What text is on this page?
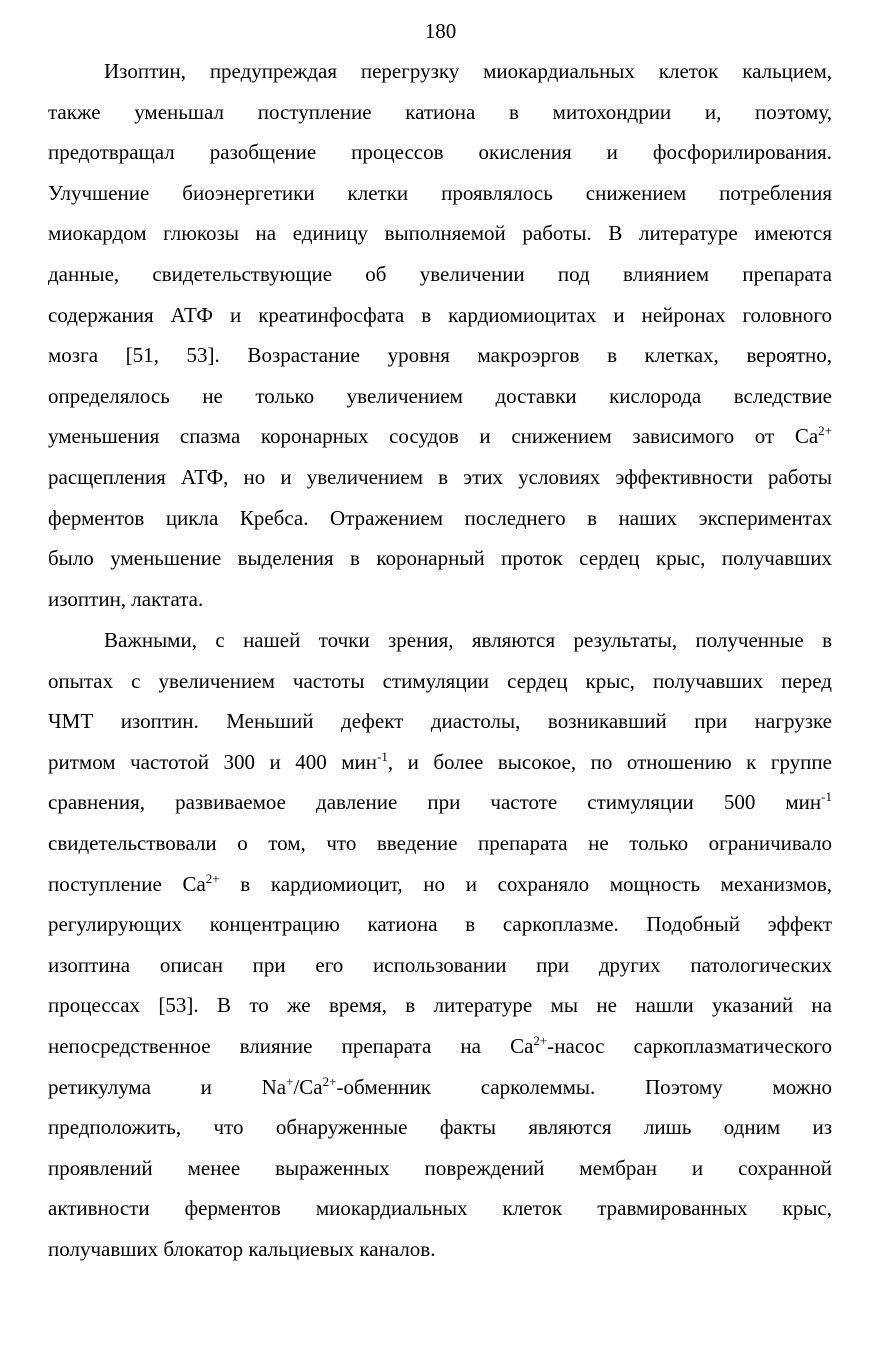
180
Изоптин, предупреждая перегрузку миокардиальных клеток кальцием,
также уменьшал поступление катиона в митохондрии и, поэтому,
предотвращал разобщение процессов окисления и фосфорилирования.
Улучшение биоэнергетики клетки проявлялось снижением потребления
миокардом глюкозы на единицу выполняемой работы. В литературе имеются
данные, свидетельствующие об увеличении под влиянием препарата
содержания АТФ и креатинфосфата в кардиомиоцитах и нейронах головного
мозга [51, 53]. Возрастание уровня макроэргов в клетках, вероятно,
определялось не только увеличением доставки кислорода вследствие
уменьшения спазма коронарных сосудов и снижением зависимого от $Ca^{2+}$
расщепления АТФ, но и увеличением в этих условиях эффективности работы
ферментов цикла Кребса. Отражением последнего в наших экспериментах
было уменьшение выделения в коронарный проток сердец крыс, получавших
изоптин, лактата.
Важными, с нашей точки зрения, являются результаты, полученные в
опытах с увеличением частоты стимуляции сердец крыс, получавших перед
ЧМТ изоптин. Меньший дефект диастолы, возникавший при нагрузке
ритмом частотой 300 и 400 мин$^{-1}$, и более высокое, по отношению к группе
сравнения, развиваемое давление при частоте стимуляции 500 мин$^{-1}$
свидетельствовали о том, что введение препарата не только ограничивало
поступление $Ca^{2+}$ в кардиомиоцит, но и сохраняло мощность механизмов,
регулирующих концентрацию катиона в саркоплазме. Подобный эффект
изоптина описан при его использовании при других патологических
процессах [53]. В то же время, в литературе мы не нашли указаний на
непосредственное влияние препарата на $Ca^{2+}$-насос саркоплазматического
ретикулума и $Na^+/Ca^{2+}$-обменник сарколеммы. Поэтому можно
предположить, что обнаруженные факты являются лишь одним из
проявлений менее выраженных повреждений мембран и сохранной
активности ферментов миокардиальных клеток травмированных крыс,
получавших блокатор кальциевых каналов.
